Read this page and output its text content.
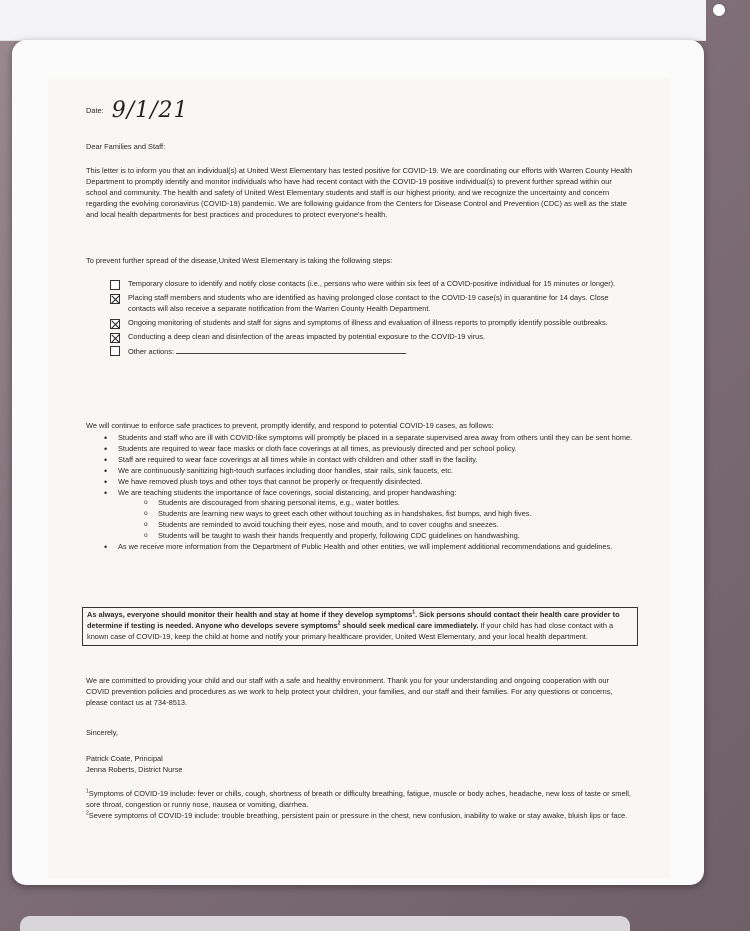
Date: 9/1/21

Dear Families and Staff:

This letter is to inform you that an individual(s) at United West Elementary has tested positive for COVID-19. We are coordinating our efforts with Warren County Health Department to promptly identify and monitor individuals who have had recent contact with the COVID-19 positive individual(s) to prevent further spread within our school and community. The health and safety of United West Elementary students and staff is our highest priority, and we recognize the uncertainty and concern regarding the evolving coronavirus (COVID-19) pandemic. We are following guidance from the Centers for Disease Control and Prevention (CDC) as well as the state and local health departments for best practices and procedures to protect everyone's health.

To prevent further spread of the disease,United West Elementary is taking the following steps:

Temporary closure to identify and notify close contacts (i.e., persons who were within six feet of a COVID-positive individual for 15 minutes or longer).
Placing staff members and students who are identified as having prolonged close contact to the COVID-19 case(s) in quarantine for 14 days. Close contacts will also receive a separate notification from the Warren County Health Department.
Ongoing monitoring of students and staff for signs and symptoms of illness and evaluation of illness reports to promptly identify possible outbreaks.
Conducting a deep clean and disinfection of the areas impacted by potential exposure to the COVID-19 virus.
Other actions:

We will continue to enforce safe practices to prevent, promptly identify, and respond to potential COVID-19 cases, as follows:

• Students and staff who are ill with COVID-like symptoms will promptly be placed in a separate supervised area away from others until they can be sent home.
• Students are required to wear face masks or cloth face coverings at all times, as previously directed and per school policy.
• Staff are required to wear face coverings at all times while in contact with children and other staff in the facility.
• We are continuously sanitizing high-touch surfaces including door handles, stair rails, sink faucets, etc.
• We have removed plush toys and other toys that cannot be properly or frequently disinfected.
• We are teaching students the importance of face coverings, social distancing, and proper handwashing:
o Students are discouraged from sharing personal items, e.g., water bottles.
o Students are learning new ways to greet each other without touching as in handshakes, fist bumps, and high fives.
o Students are reminded to avoid touching their eyes, nose and mouth, and to cover coughs and sneezes.
o Students will be taught to wash their hands frequently and properly, following CDC guidelines on handwashing.
• As we receive more information from the Department of Public Health and other entities, we will implement additional recommendations and guidelines.
As always, everyone should monitor their health and stay at home if they develop symptoms$^1$. Sick persons should contact their health care provider to determine if testing is needed. Anyone who develops severe symptoms$^2$ should seek medical care immediately. If your child has had close contact with a known case of COVID-19, keep the child at home and notify your primary healthcare provider, United West Elementary, and your local health department.

We are committed to providing your child and our staff with a safe and healthy environment. Thank you for your understanding and ongoing cooperation with our COVID prevention policies and procedures as we work to help protect your children, your families, and our staff and their families. For any questions or concerns, please contact us at 734-8513.

Sincerely,

Patrick Coate, Principal

Jenna Roberts, District Nurse

$^1$Symptoms of COVID-19 include: fever or chills, cough, shortness of breath or difficulty breathing, fatigue, muscle or body aches, headache, new loss of taste or smell, sore throat, congestion or runny nose, nausea or vomiting, diarrhea.
$^2$Severe symptoms of COVID-19 include: trouble breathing, persistent pain or pressure in the chest, new confusion, inability to wake or stay awake, bluish lips or face.
